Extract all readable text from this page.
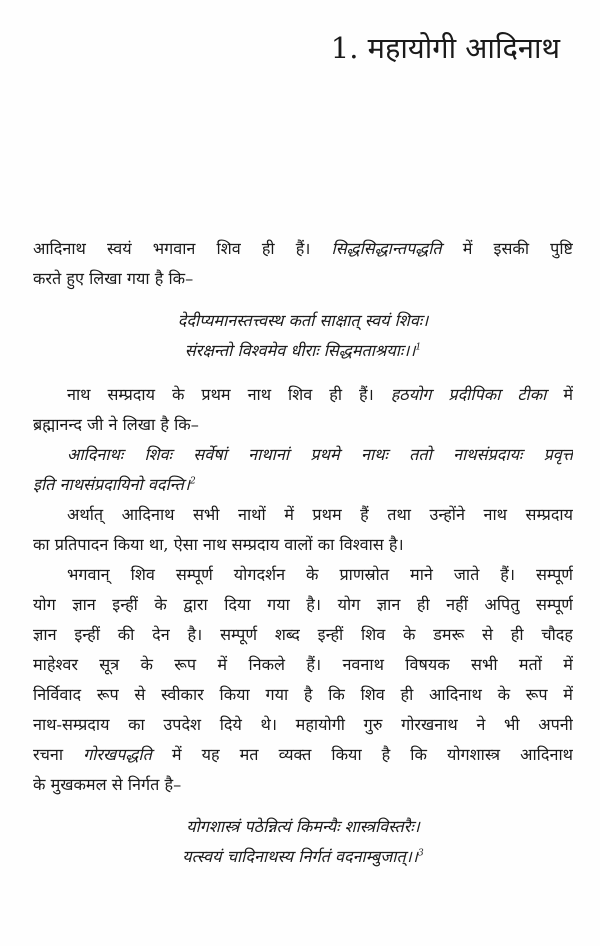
1. महायोगी आदिनाथ
आदिनाथ स्वयं भगवान शिव ही हैं। सिद्धसिद्धान्तपद्धति में इसकी पुष्टि
करते हुए लिखा गया है कि–
देदीप्यमानस्तत्त्वस्थ कर्ता साक्षात् स्वयं शिवः।
संरक्षन्तो विश्वमेव धीराः सिद्धमताश्रयाः।।$^1$
नाथ सम्प्रदाय के प्रथम नाथ शिव ही हैं। हठयोग प्रदीपिका टीका में
ब्रह्मानन्द जी ने लिखा है कि–
आदिनाथः शिवः सर्वेषां नाथानां प्रथमे नाथः ततो नाथसंप्रदायः प्रवृत्त
इति नाथसंप्रदायिनो वदन्ति।$^2$
अर्थात् आदिनाथ सभी नाथों में प्रथम हैं तथा उन्होंने नाथ सम्प्रदाय
का प्रतिपादन किया था, ऐसा नाथ सम्प्रदाय वालों का विश्वास है।
भगवान् शिव सम्पूर्ण योगदर्शन के प्राणस्रोत माने जाते हैं। सम्पूर्ण
योग ज्ञान इन्हीं के द्वारा दिया गया है। योग ज्ञान ही नहीं अपितु सम्पूर्ण
ज्ञान इन्हीं की देन है। सम्पूर्ण शब्द इन्हीं शिव के डमरू से ही चौदह
माहेश्वर सूत्र के रूप में निकले हैं। नवनाथ विषयक सभी मतों में
निर्विवाद रूप से स्वीकार किया गया है कि शिव ही आदिनाथ के रूप में
नाथ-सम्प्रदाय का उपदेश दिये थे। महायोगी गुरु गोरखनाथ ने भी अपनी
रचना गोरखपद्धति में यह मत व्यक्त किया है कि योगशास्त्र आदिनाथ
के मुखकमल से निर्गत है–
योगशास्त्रं पठेन्नित्यं किमन्यैः शास्त्रविस्तरैः।
यत्स्वयं चादिनाथस्य निर्गतं वदनाम्बुजात्।।$^3$
